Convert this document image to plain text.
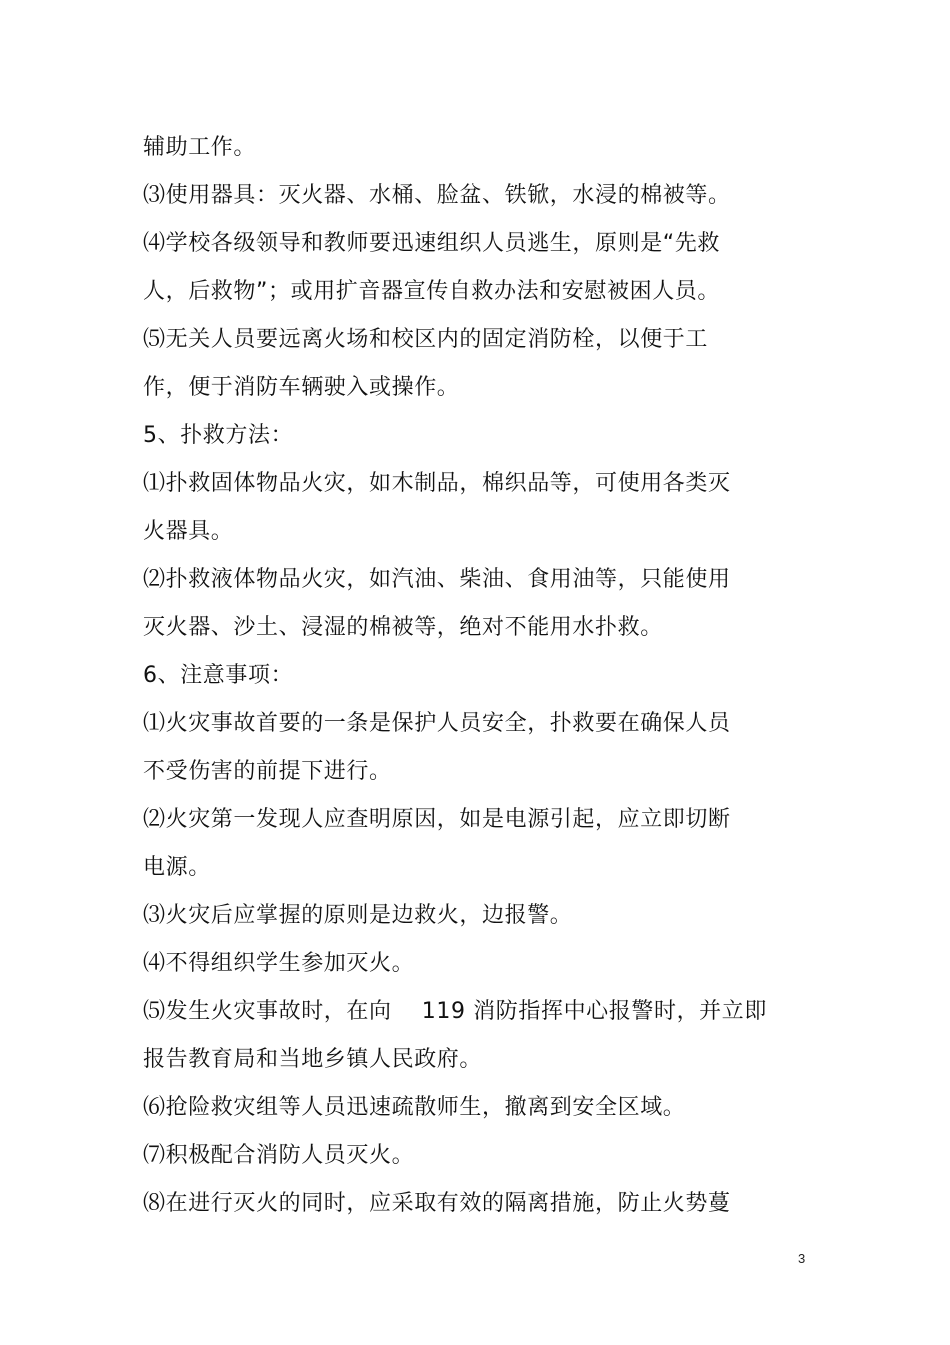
辅助工作。
⑶使用器具：灭火器、水桶、脸盆、铁锨，水浸的棉被等。
⑷学校各级领导和教师要迅速组织人员逃生，原则是“先救
人，后救物”；或用扩音器宣传自救办法和安慰被困人员。
⑸无关人员要远离火场和校区内的固定消防栓，以便于工
作，便于消防车辆驶入或操作。
5、扑救方法：
⑴扑救固体物品火灾，如木制品，棉织品等，可使用各类灭
火器具。
⑵扑救液体物品火灾，如汽油、柴油、食用油等，只能使用
灭火器、沙土、浸湿的棉被等，绝对不能用水扑救。
6、注意事项：
⑴火灾事故首要的一条是保护人员安全，扑救要在确保人员
不受伤害的前提下进行。
⑵火灾第一发现人应查明原因，如是电源引起，应立即切断
电源。
⑶火灾后应掌握的原则是边救火，边报警。
⑷不得组织学生参加灭火。
⑸发生火灾事故时，在向　 119 消防指挥中心报警时，并立即
报告教育局和当地乡镇人民政府。
⑹抢险救灾组等人员迅速疏散师生，撤离到安全区域。
⑺积极配合消防人员灭火。
⑻在进行灭火的同时，应采取有效的隔离措施，防止火势蔓
3
